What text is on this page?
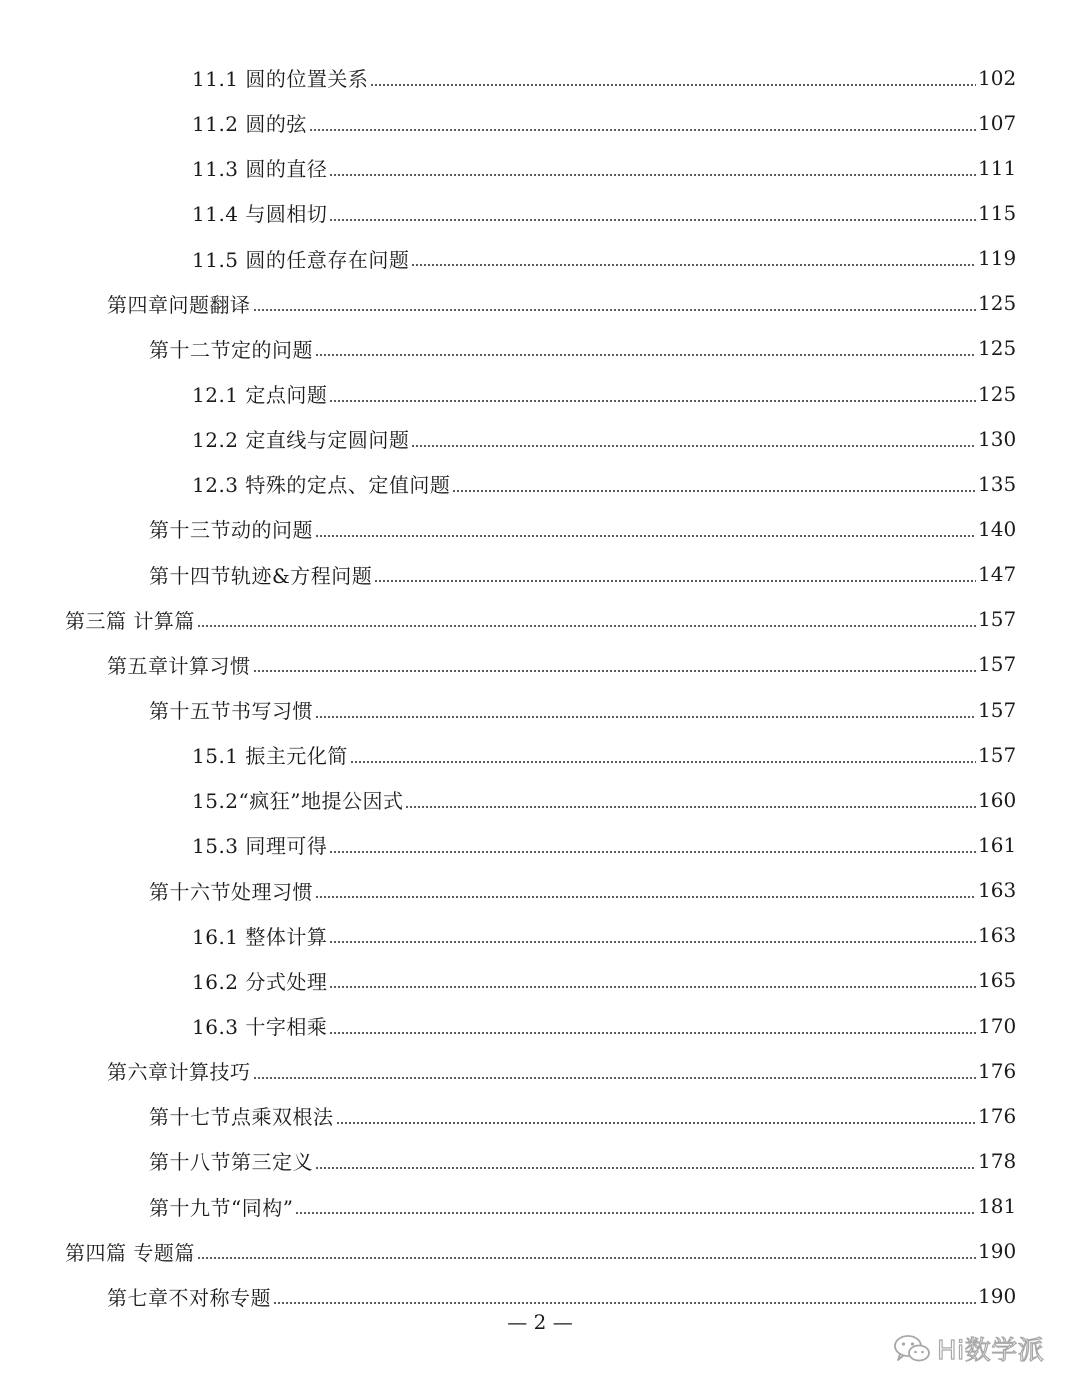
11.1 圆的位置关系	102
11.2 圆的弦	107
11.3 圆的直径	111
11.4 与圆相切	115
11.5 圆的任意存在问题	119
第四章问题翻译	125
第十二节定的问题	125
12.1 定点问题	125
12.2 定直线与定圆问题	130
12.3 特殊的定点、定值问题	135
第十三节动的问题	140
第十四节轨迹&方程问题	147
第三篇 计算篇	157
第五章计算习惯	157
第十五节书写习惯	157
15.1 振主元化简	157
15.2“疯狂”地提公因式	160
15.3 同理可得	161
第十六节处理习惯	163
16.1 整体计算	163
16.2 分式处理	165
16.3 十字相乘	170
第六章计算技巧	176
第十七节点乘双根法	176
第十八节第三定义	178
第十九节“同构”	181
第四篇 专题篇	190
第七章不对称专题	190
— 2 —
Hi数学派
